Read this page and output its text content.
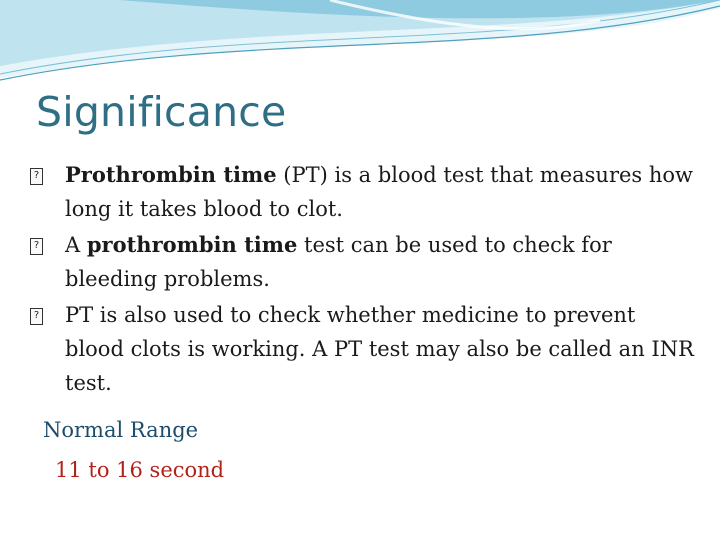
Significance
? Prothrombin time (PT) is a blood test that measures how long it takes blood to clot.
? A prothrombin time test can be used to check for bleeding problems.
? PT is also used to check whether medicine to prevent blood clots is working. A PT test may also be called an INR test.
Normal Range
11 to 16 second
